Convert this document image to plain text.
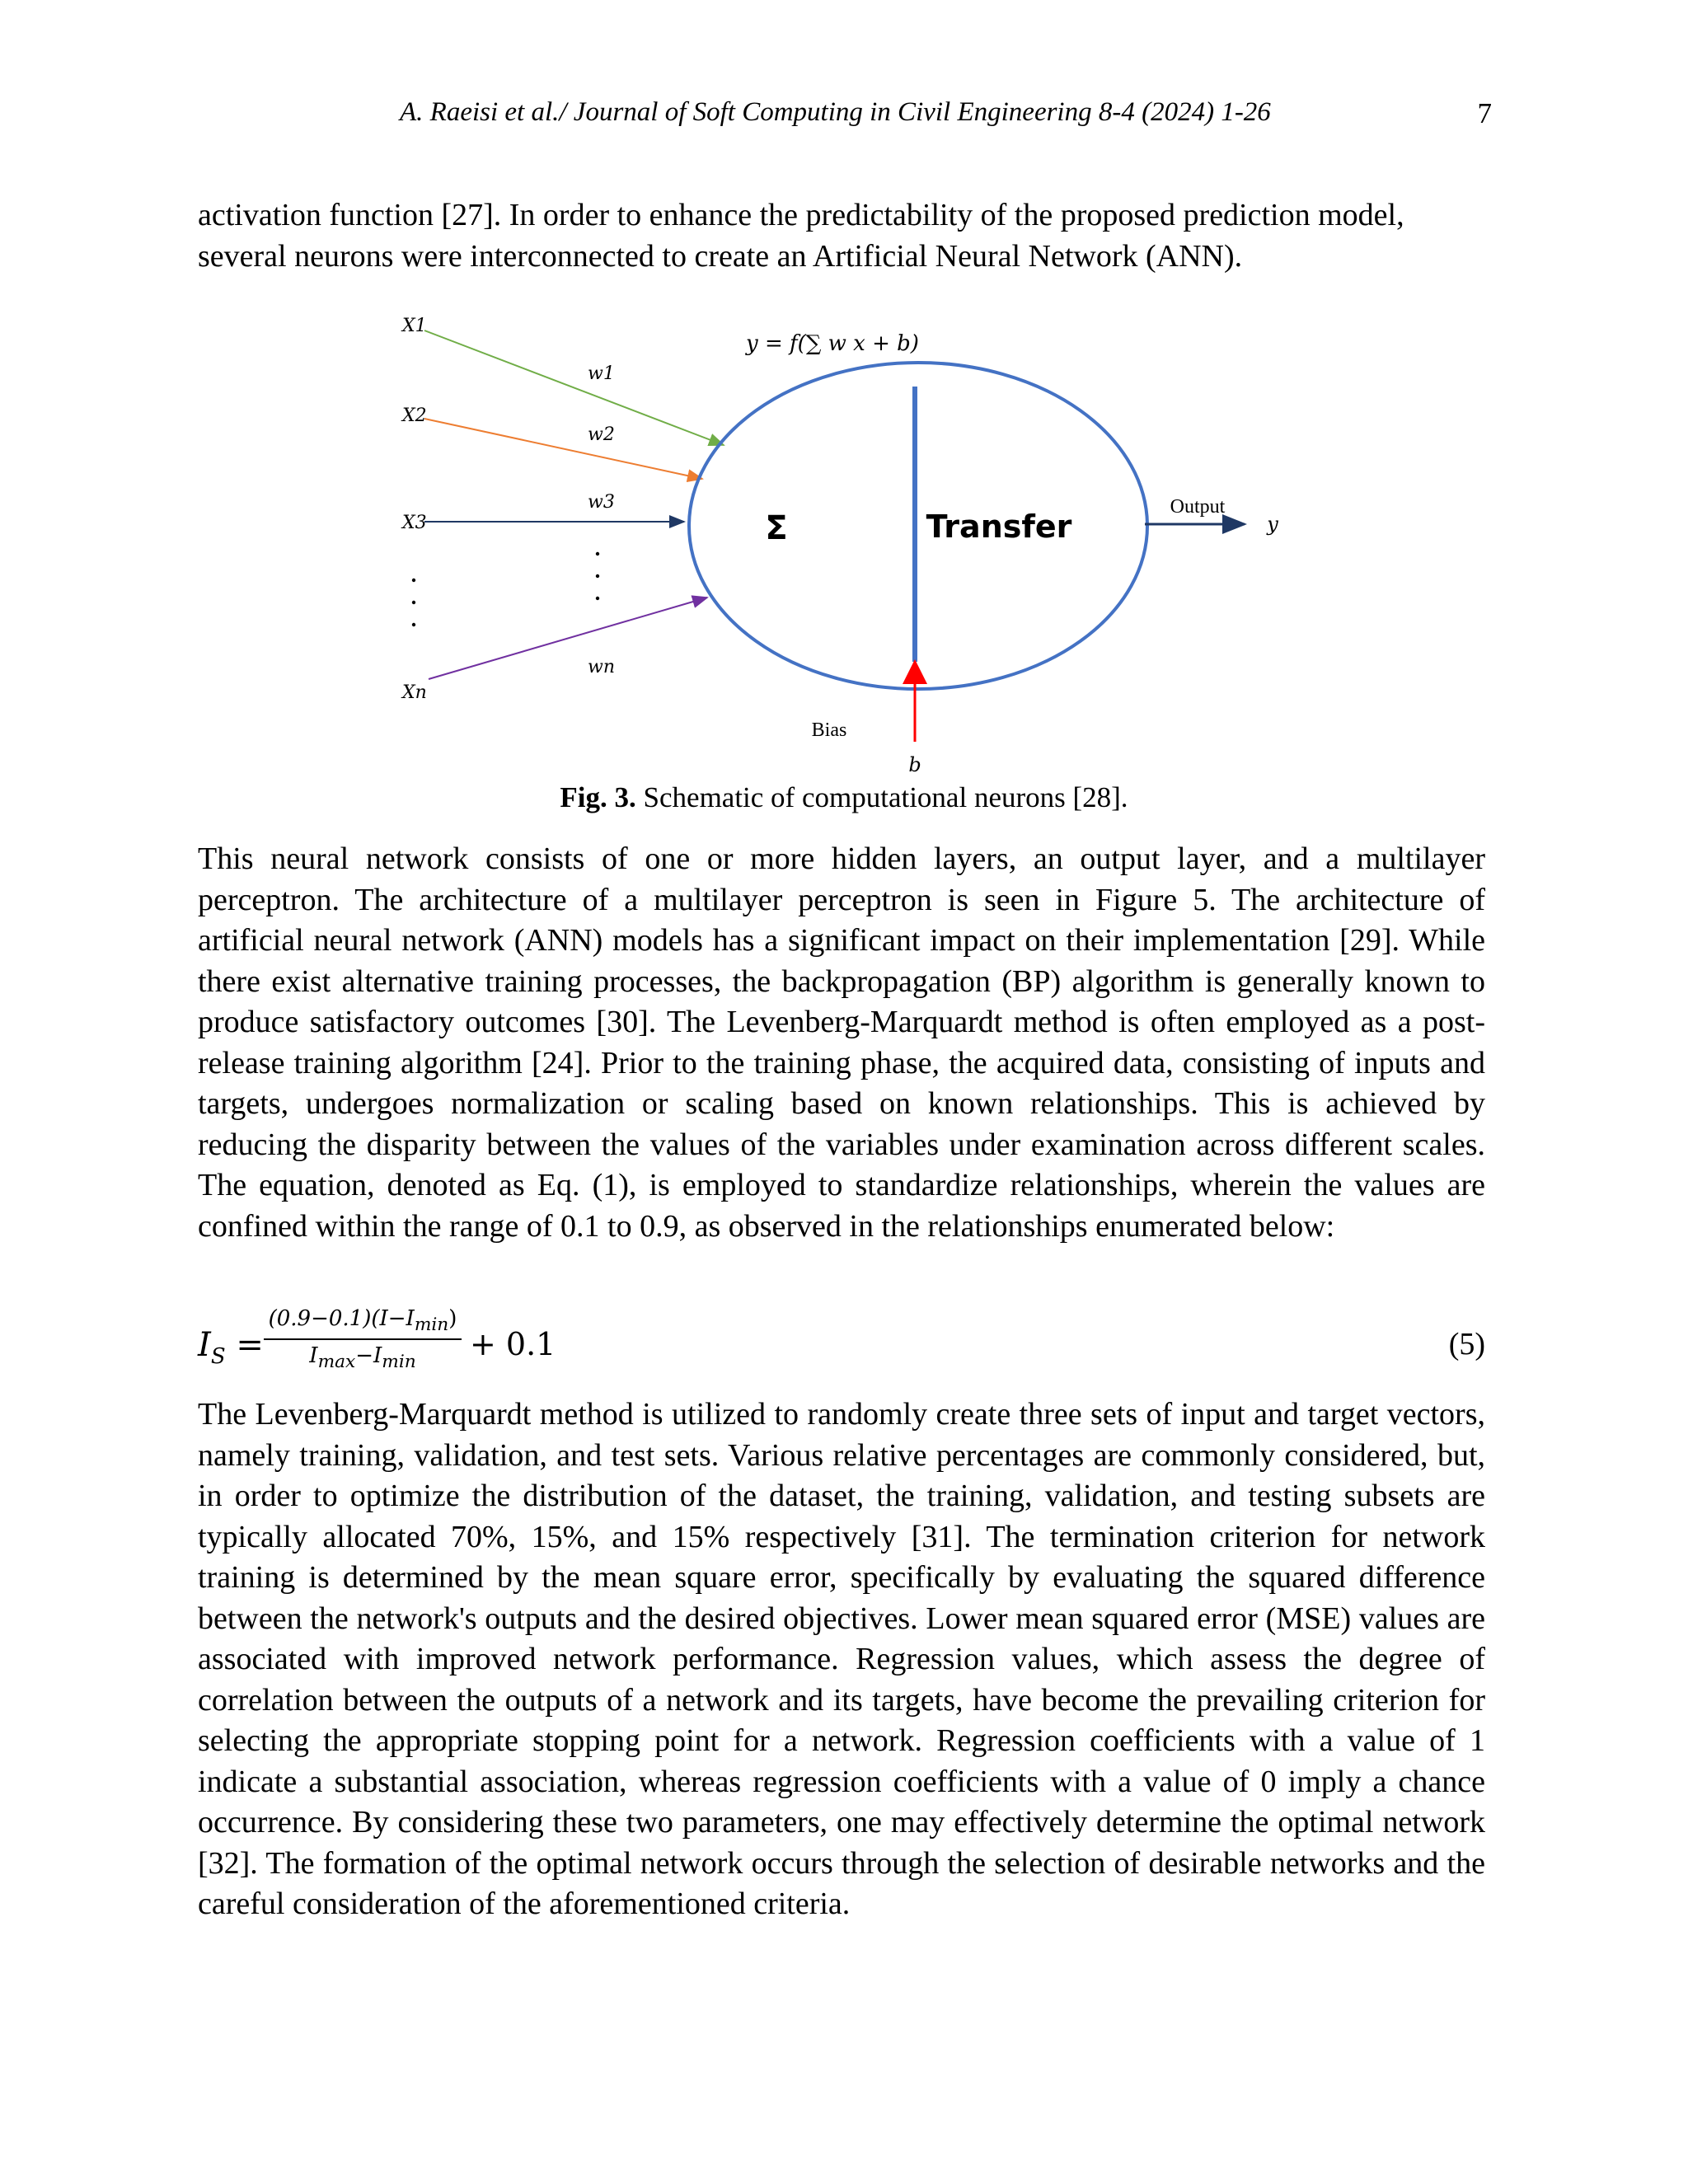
A. Raeisi et al./ Journal of Soft Computing in Civil Engineering 8-4 (2024) 1-26	7

activation function [27]. In order to enhance the predictability of the proposed prediction model, several neurons were interconnected to create an Artificial Neural Network (ANN).

y = f(∑ w x + b)
X1
X2
X3
Xn
w1
w2
w3
wn
Σ	Transfer
Output
y
Bias
b

Fig. 3. Schematic of computational neurons [28].

This neural network consists of one or more hidden layers, an output layer, and a multilayer perceptron. The architecture of a multilayer perceptron is seen in Figure 5. The architecture of artificial neural network (ANN) models has a significant impact on their implementation [29]. While there exist alternative training processes, the backpropagation (BP) algorithm is generally known to produce satisfactory outcomes [30]. The Levenberg-Marquardt method is often employed as a post-release training algorithm [24]. Prior to the training phase, the acquired data, consisting of inputs and targets, undergoes normalization or scaling based on known relationships. This is achieved by reducing the disparity between the values of the variables under examination across different scales. The equation, denoted as Eq. (1), is employed to standardize relationships, wherein the values are confined within the range of 0.1 to 0.9, as observed in the relationships enumerated below:

$I_S$ =
$(0.9-0.1)(I-I_{min})$
$I_{max}-I_{min}$	+ 0.1	(5)

The Levenberg-Marquardt method is utilized to randomly create three sets of input and target vectors, namely training, validation, and test sets. Various relative percentages are commonly considered, but, in order to optimize the distribution of the dataset, the training, validation, and testing subsets are typically allocated 70%, 15%, and 15% respectively [31]. The termination criterion for network training is determined by the mean square error, specifically by evaluating the squared difference between the network's outputs and the desired objectives. Lower mean squared error (MSE) values are associated with improved network performance. Regression values, which assess the degree of correlation between the outputs of a network and its targets, have become the prevailing criterion for selecting the appropriate stopping point for a network. Regression coefficients with a value of 1 indicate a substantial association, whereas regression coefficients with a value of 0 imply a chance occurrence. By considering these two parameters, one may effectively determine the optimal network [32]. The formation of the optimal network occurs through the selection of desirable networks and the careful consideration of the aforementioned criteria.
